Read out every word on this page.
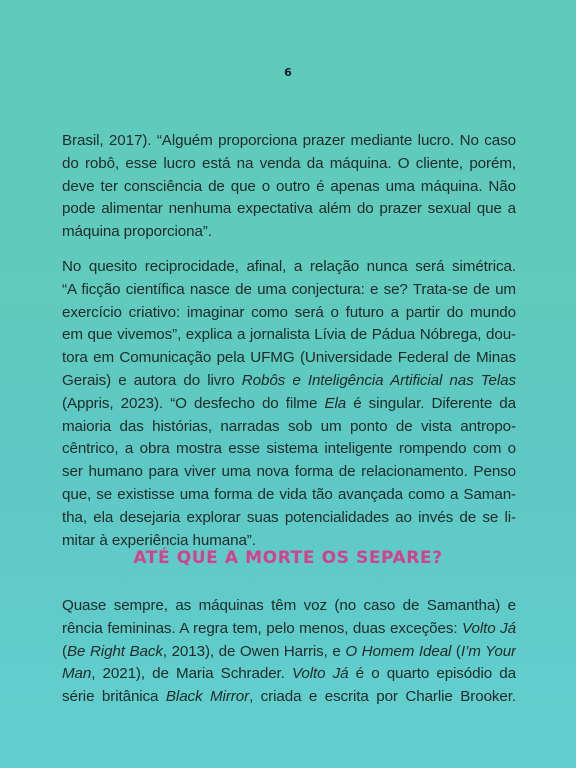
6
Brasil, 2017). “Alguém proporciona prazer mediante lucro. No caso
do robô, esse lucro está na venda da máquina. O cliente, porém,
deve ter consciência de que o outro é apenas uma máquina. Não
pode alimentar nenhuma expectativa além do prazer sexual que a
máquina proporciona”.
No quesito reciprocidade, afinal, a relação nunca será simétrica.
“A ficção científica nasce de uma conjectura: e se? Trata-se de um
exercício criativo: imaginar como será o futuro a partir do mundo
em que vivemos”, explica a jornalista Lívia de Pádua Nóbrega, dou-
tora em Comunicação pela UFMG (Universidade Federal de Minas
Gerais) e autora do livro Robôs e Inteligência Artificial nas Telas
(Appris, 2023). “O desfecho do filme Ela é singular. Diferente da
maioria das histórias, narradas sob um ponto de vista antropo-
cêntrico, a obra mostra esse sistema inteligente rompendo com o
ser humano para viver uma nova forma de relacionamento. Penso
que, se existisse uma forma de vida tão avançada como a Saman-
tha, ela desejaria explorar suas potencialidades ao invés de se li-
mitar à experiência humana”.
ATÉ QUE A MORTE OS SEPARE?
Quase sempre, as máquinas têm voz (no caso de Samantha) e
rência femininas. A regra tem, pelo menos, duas exceções: Volto Já
(Be Right Back, 2013), de Owen Harris, e O Homem Ideal (I’m Your
Man, 2021), de Maria Schrader. Volto Já é o quarto episódio da
série britânica Black Mirror, criada e escrita por Charlie Brooker.
